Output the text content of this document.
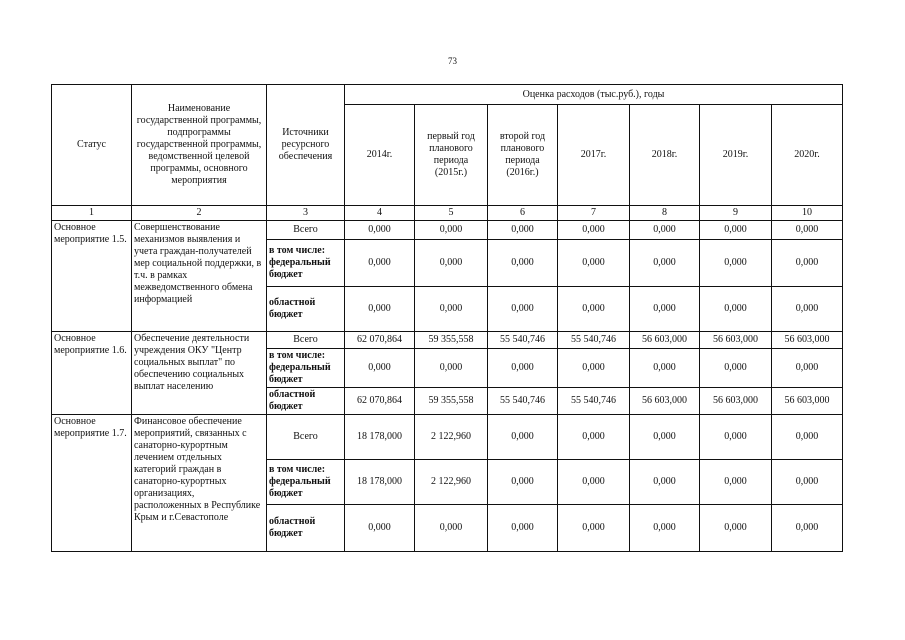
73
Статус	Наименование государственной программы, подпрограммы государственной программы, ведомственной целевой программы, основного мероприятия	Источники ресурсного обеспечения	Оценка расходов (тыс.руб.), годы						
			2014г.	первый год планового периода (2015г.)	второй год планового периода (2016г.)	2017г.	2018г.	2019г.	2020г.
1	2	3	4	5	6	7	8	9	10
Основное мероприятие 1.5.	Совершенствование механизмов выявления и учета граждан-получателей мер социальной поддержки, в т.ч. в рамках межведомственного обмена информацией	Всего	0,000	0,000	0,000	0,000	0,000	0,000	0,000
		в том числе: федеральный бюджет	0,000	0,000	0,000	0,000	0,000	0,000	0,000
		областной бюджет	0,000	0,000	0,000	0,000	0,000	0,000	0,000
Основное мероприятие 1.6.	Обеспечение деятельности учреждения ОКУ "Центр социальных выплат" по обеспечению социальных выплат населению	Всего	62 070,864	59 355,558	55 540,746	55 540,746	56 603,000	56 603,000	56 603,000
		в том числе: федеральный бюджет	0,000	0,000	0,000	0,000	0,000	0,000	0,000
		областной бюджет	62 070,864	59 355,558	55 540,746	55 540,746	56 603,000	56 603,000	56 603,000
Основное мероприятие 1.7.	Финансовое обеспечение мероприятий, связанных с санаторно-курортным лечением отдельных категорий граждан в санаторно-курортных организациях, расположенных в Республике Крым и г.Севастополе	Всего	18 178,000	2 122,960	0,000	0,000	0,000	0,000	0,000
		в том числе: федеральный бюджет	18 178,000	2 122,960	0,000	0,000	0,000	0,000	0,000
		областной бюджет	0,000	0,000	0,000	0,000	0,000	0,000	0,000
